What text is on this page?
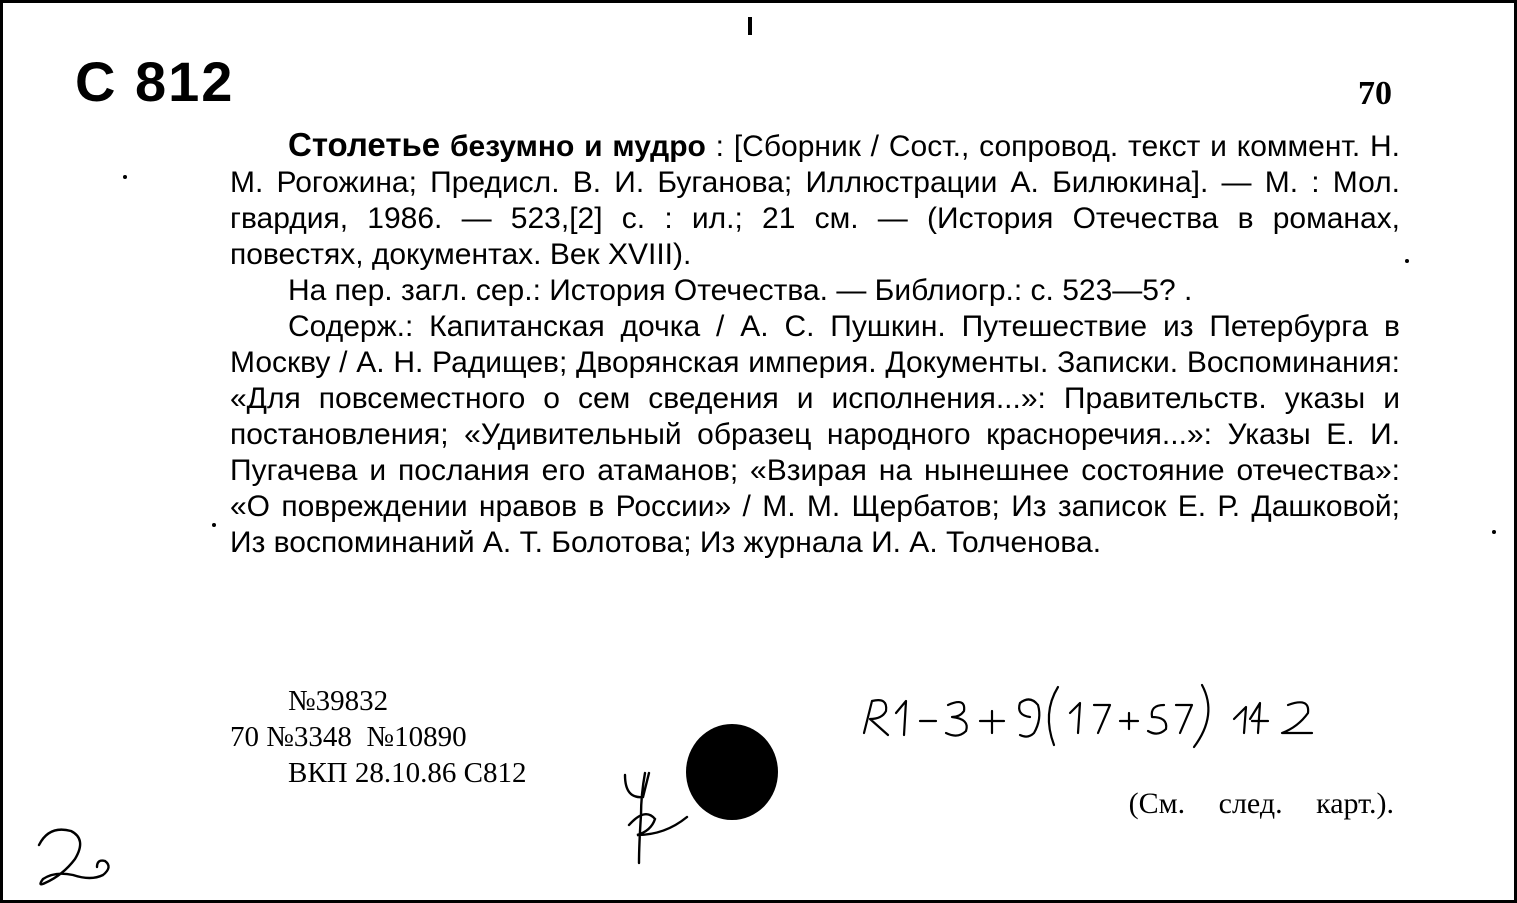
С 812	70

Столетье безумно и мудро : [Сборник / Сост., сопровод. текст и коммент. Н. М. Рогожина; Предисл. В. И. Буганова; Иллюстрации А. Билюкина]. — М. : Мол. гвардия, 1986. — 523,[2] с. : ил.; 21 см. — (История Отечества в романах, повестях, документах. Век XVIII).

На пер. загл. сер.: История Отечества. — Библиогр.: с. 523—5? .

Содерж.: Капитанская дочка / А. С. Пушкин. Путешествие из Петербурга в Москву / А. Н. Радищев; Дворянская империя. Документы. Записки. Воспоминания: «Для повсеместного о сем сведения и исполнения...»: Правительств. указы и постановления; «Удивительный образец народного красноречия...»: Указы Е. И. Пугачева и послания его атаманов; «Взирая на нынешнее состояние отечества»: «О повреждении нравов в России» / М. М. Щербатов; Из записок Е. Р. Дашковой; Из воспоминаний А. Т. Болотова; Из журнала И. А. Толченова.

№39832
70 №3348  №10890
ВКП 28.10.86 С812
(См. след. карт.).
